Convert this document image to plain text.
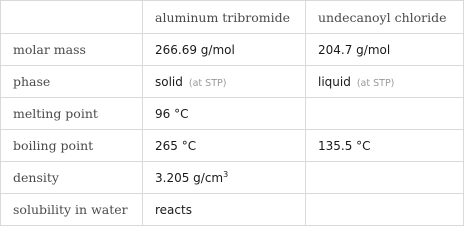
	aluminum tribromide	undecanoyl chloride
molar mass	266.69 g/mol	204.7 g/mol
phase	solid (at STP)	liquid (at STP)
melting point	96 °C	
boiling point	265 °C	135.5 °C
density	3.205 $g/cm^3$	
solubility in water	reacts	
